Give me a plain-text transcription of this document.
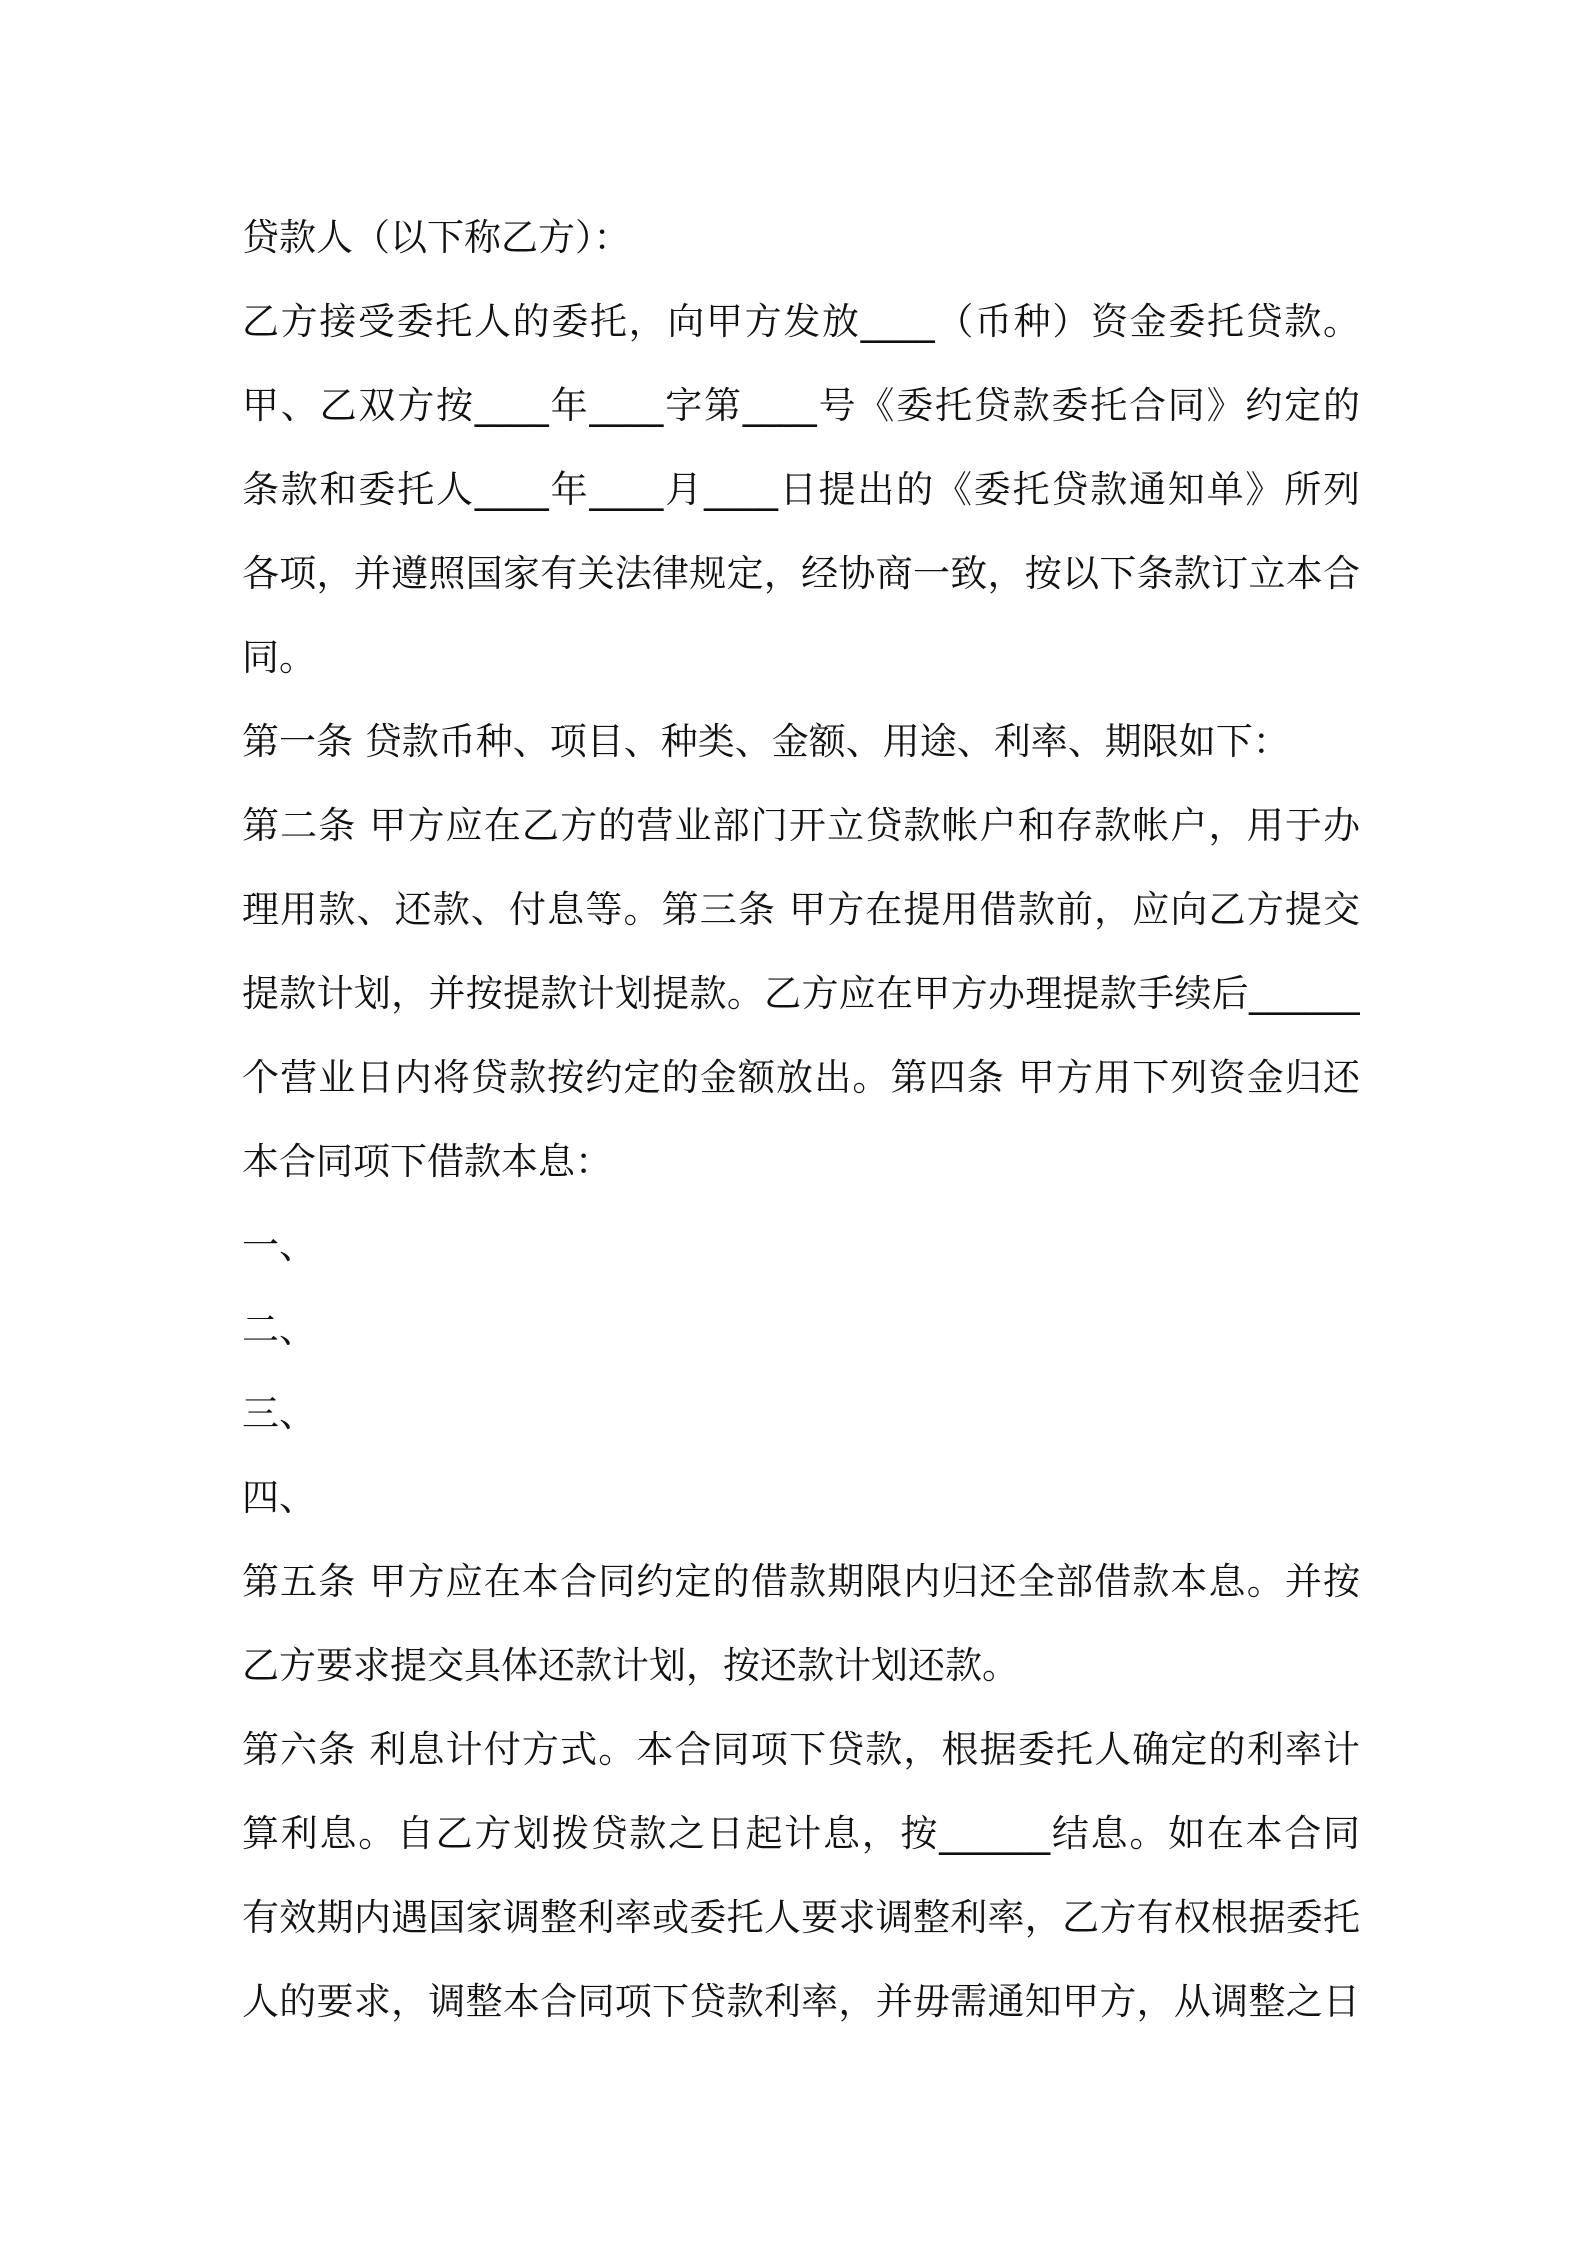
贷款人（以下称乙方）：
乙方接受委托人的委托，向甲方发放____（币种）资金委托贷款。
甲、乙双方按____年____字第____号《委托贷款委托合同》约定的
条款和委托人____年____月____日提出的《委托贷款通知单》所列
各项，并遵照国家有关法律规定，经协商一致，按以下条款订立本合
同。
第一条 贷款币种、项目、种类、金额、用途、利率、期限如下：
第二条 甲方应在乙方的营业部门开立贷款帐户和存款帐户，用于办
理用款、还款、付息等。第三条 甲方在提用借款前，应向乙方提交
提款计划，并按提款计划提款。乙方应在甲方办理提款手续后______
个营业日内将贷款按约定的金额放出。第四条 甲方用下列资金归还
本合同项下借款本息：
一、
二、
三、
四、
第五条 甲方应在本合同约定的借款期限内归还全部借款本息。并按
乙方要求提交具体还款计划，按还款计划还款。
第六条 利息计付方式。本合同项下贷款，根据委托人确定的利率计
算利息。自乙方划拨贷款之日起计息，按______结息。如在本合同
有效期内遇国家调整利率或委托人要求调整利率，乙方有权根据委托
人的要求，调整本合同项下贷款利率，并毋需通知甲方，从调整之日
